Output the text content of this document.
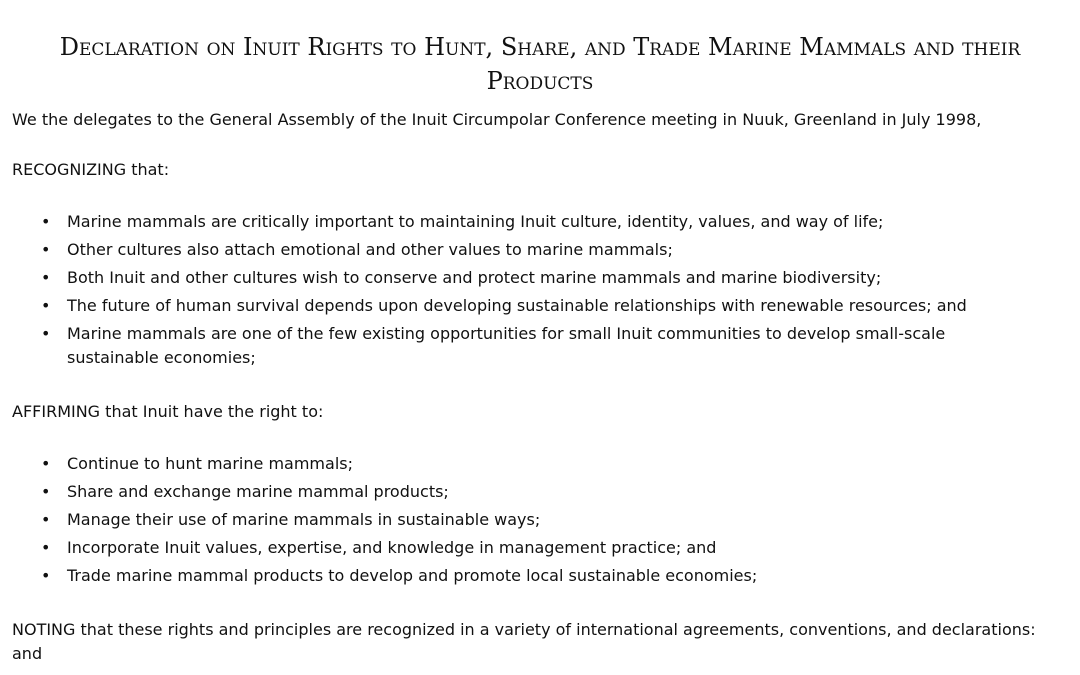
Declaration on Inuit Rights to Hunt, Share, and Trade Marine Mammals and their Products

We the delegates to the General Assembly of the Inuit Circumpolar Conference meeting in Nuuk, Greenland in July 1998,

RECOGNIZING that:

• Marine mammals are critically important to maintaining Inuit culture, identity, values, and way of life;
• Other cultures also attach emotional and other values to marine mammals;
• Both Inuit and other cultures wish to conserve and protect marine mammals and marine biodiversity;
• The future of human survival depends upon developing sustainable relationships with renewable resources; and
• Marine mammals are one of the few existing opportunities for small Inuit communities to develop small-scale sustainable economies;

AFFIRMING that Inuit have the right to:

• Continue to hunt marine mammals;
• Share and exchange marine mammal products;
• Manage their use of marine mammals in sustainable ways;
• Incorporate Inuit values, expertise, and knowledge in management practice; and
• Trade marine mammal products to develop and promote local sustainable economies;

NOTING that these rights and principles are recognized in a variety of international agreements, conventions, and declarations: and
